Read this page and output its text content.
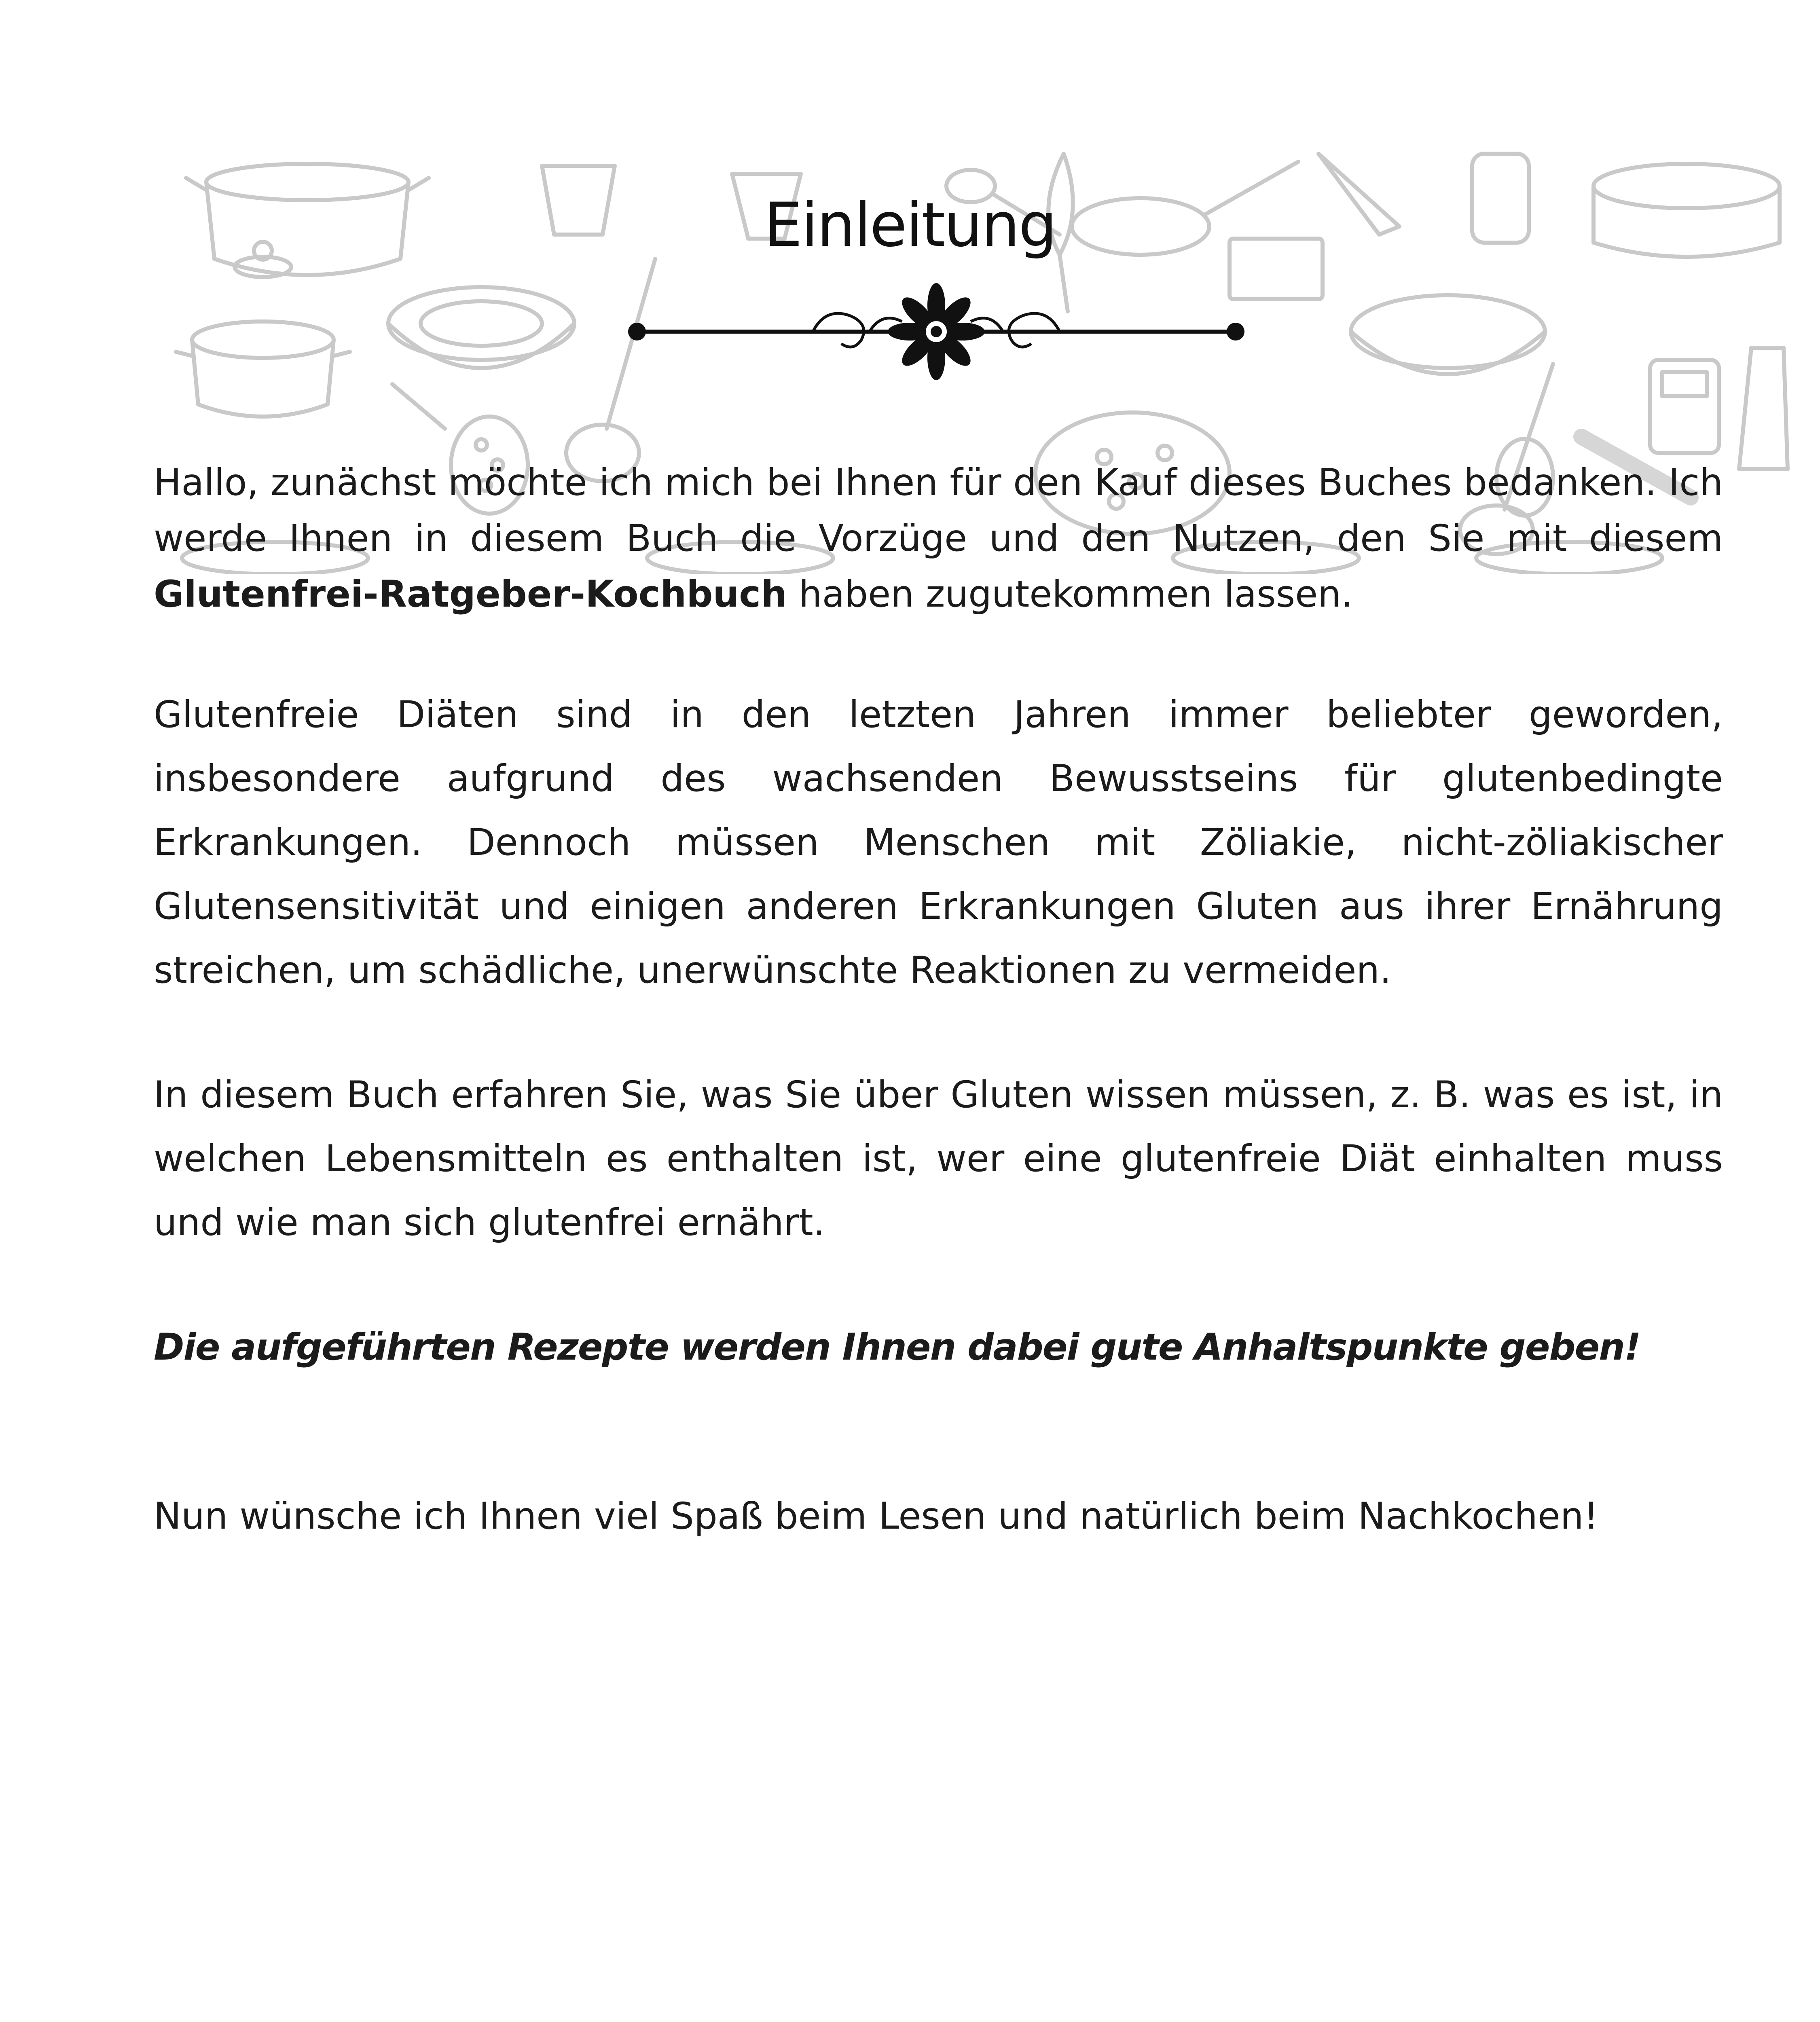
Einleitung

Hallo, zunächst möchte ich mich bei Ihnen für den Kauf dieses Buches bedanken. Ich werde Ihnen in diesem Buch die Vorzüge und den Nutzen, den Sie mit diesem Glutenfrei-Ratgeber-Kochbuch haben zugutekommen lassen.

Glutenfreie Diäten sind in den letzten Jahren immer beliebter geworden, insbesondere aufgrund des wachsenden Bewusstseins für glutenbedingte Erkrankungen. Dennoch müssen Menschen mit Zöliakie, nicht-zöliakischer Glutensensitivität und einigen anderen Erkrankungen Gluten aus ihrer Ernährung streichen, um schädliche, unerwünschte Reaktionen zu vermeiden.

In diesem Buch erfahren Sie, was Sie über Gluten wissen müssen, z. B. was es ist, in welchen Lebensmitteln es enthalten ist, wer eine glutenfreie Diät einhalten muss und wie man sich glutenfrei ernährt.

Die aufgeführten Rezepte werden Ihnen dabei gute Anhaltspunkte geben!

Nun wünsche ich Ihnen viel Spaß beim Lesen und natürlich beim Nachkochen!
